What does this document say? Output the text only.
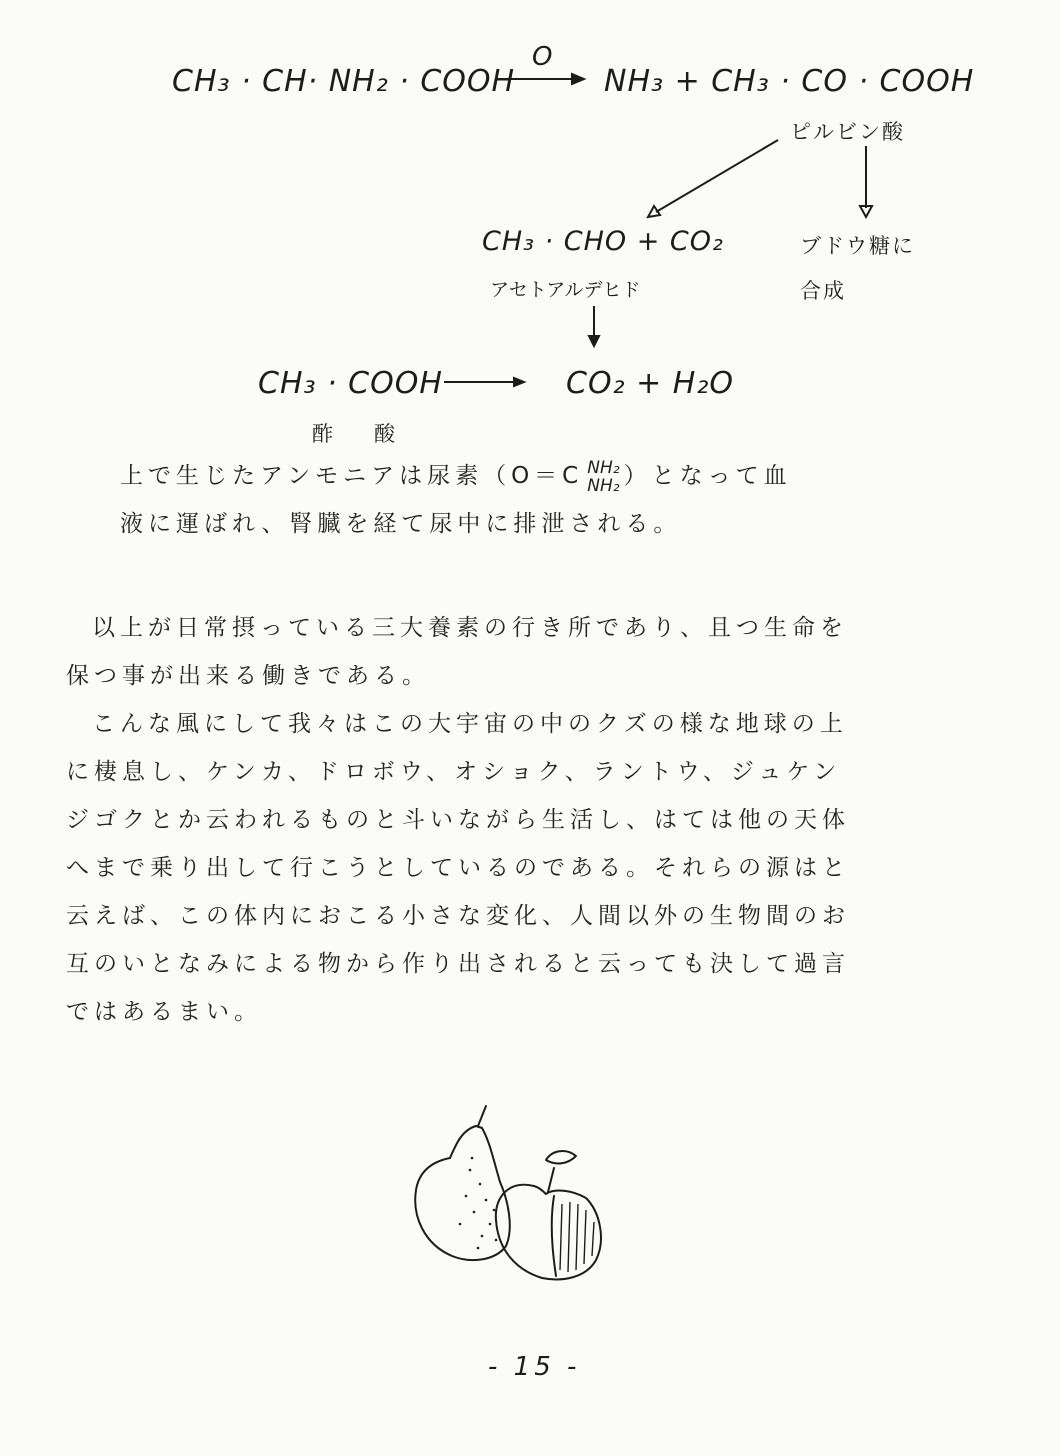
CH₃ · CH· NH₂ · COOH
O
NH₃ + CH₃ · CO · COOH
ピルビン酸
CH₃ · CHO + CO₂
アセトアルデヒド
ブドウ糖に
合成
CH₃ · COOH	CO₂ + H₂O
酢　酸
上で生じたアンモニアは尿素（O＝C NH₂
NH₂ ）となって血
液に運ばれ、腎臓を経て尿中に排泄される。
以上が日常摂っている三大養素の行き所であり、且つ生命を
保つ事が出来る働きである。
こんな風にして我々はこの大宇宙の中のクズの様な地球の上
に棲息し、ケンカ、ドロボウ、オショク、ラントウ、ジュケン
ジゴクとか云われるものと斗いながら生活し、はては他の天体
へまで乗り出して行こうとしているのである。それらの源はと
云えば、この体内におこる小さな変化、人間以外の生物間のお
互のいとなみによる物から作り出されると云っても決して過言
ではあるまい。
- 15 -
